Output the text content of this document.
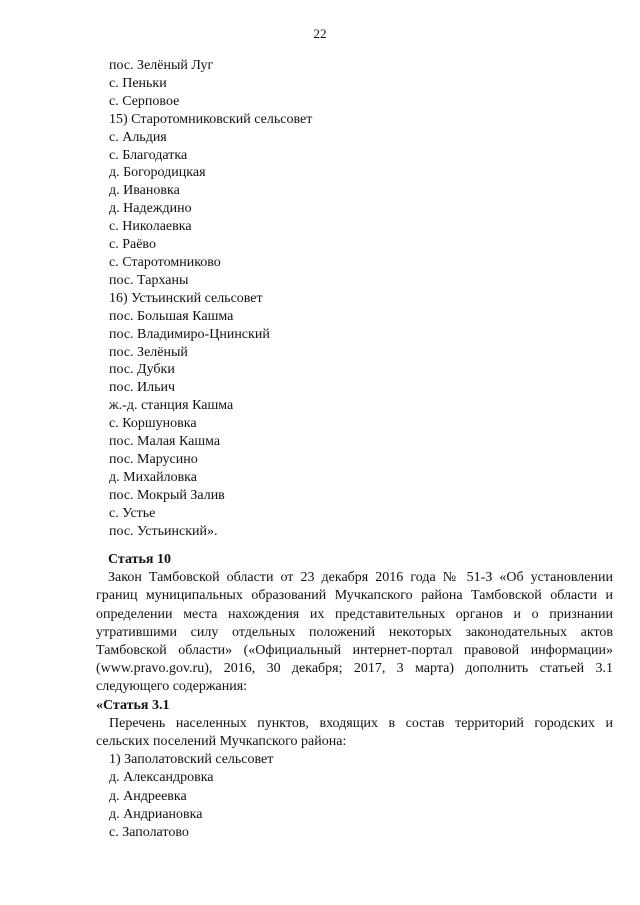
22
пос. Зелёный Луг
с. Пеньки
с. Серповое
15) Старотомниковский сельсовет
с. Альдия
с. Благодатка
д. Богородицкая
д. Ивановка
д. Надеждино
с. Николаевка
с. Раёво
с. Старотомниково
пос. Тарханы
16) Устьинский сельсовет
пос. Большая Кашма
пос. Владимиро-Цнинский
пос. Зелёный
пос. Дубки
пос. Ильич
ж.-д. станция Кашма
с. Коршуновка
пос. Малая Кашма
пос. Марусино
д. Михайловка
пос. Мокрый Залив
с. Устье
пос. Устьинский».
Статья 10
Закон Тамбовской области от 23 декабря 2016 года № 51-З «Об установлении границ муниципальных образований Мучкапского района Тамбовской области и определении места нахождения их представительных органов и о признании утратившими силу отдельных положений некоторых законодательных актов Тамбовской области» («Официальный интернет-портал правовой информации» (www.pravo.gov.ru), 2016, 30 декабря; 2017, 3 марта) дополнить статьей 3.1 следующего содержания:
«Статья 3.1
Перечень населенных пунктов, входящих в состав территорий городских и сельских поселений Мучкапского района:
1) Заполатовский сельсовет
д. Александровка
д. Андреевка
д. Андриановка
с. Заполатово
